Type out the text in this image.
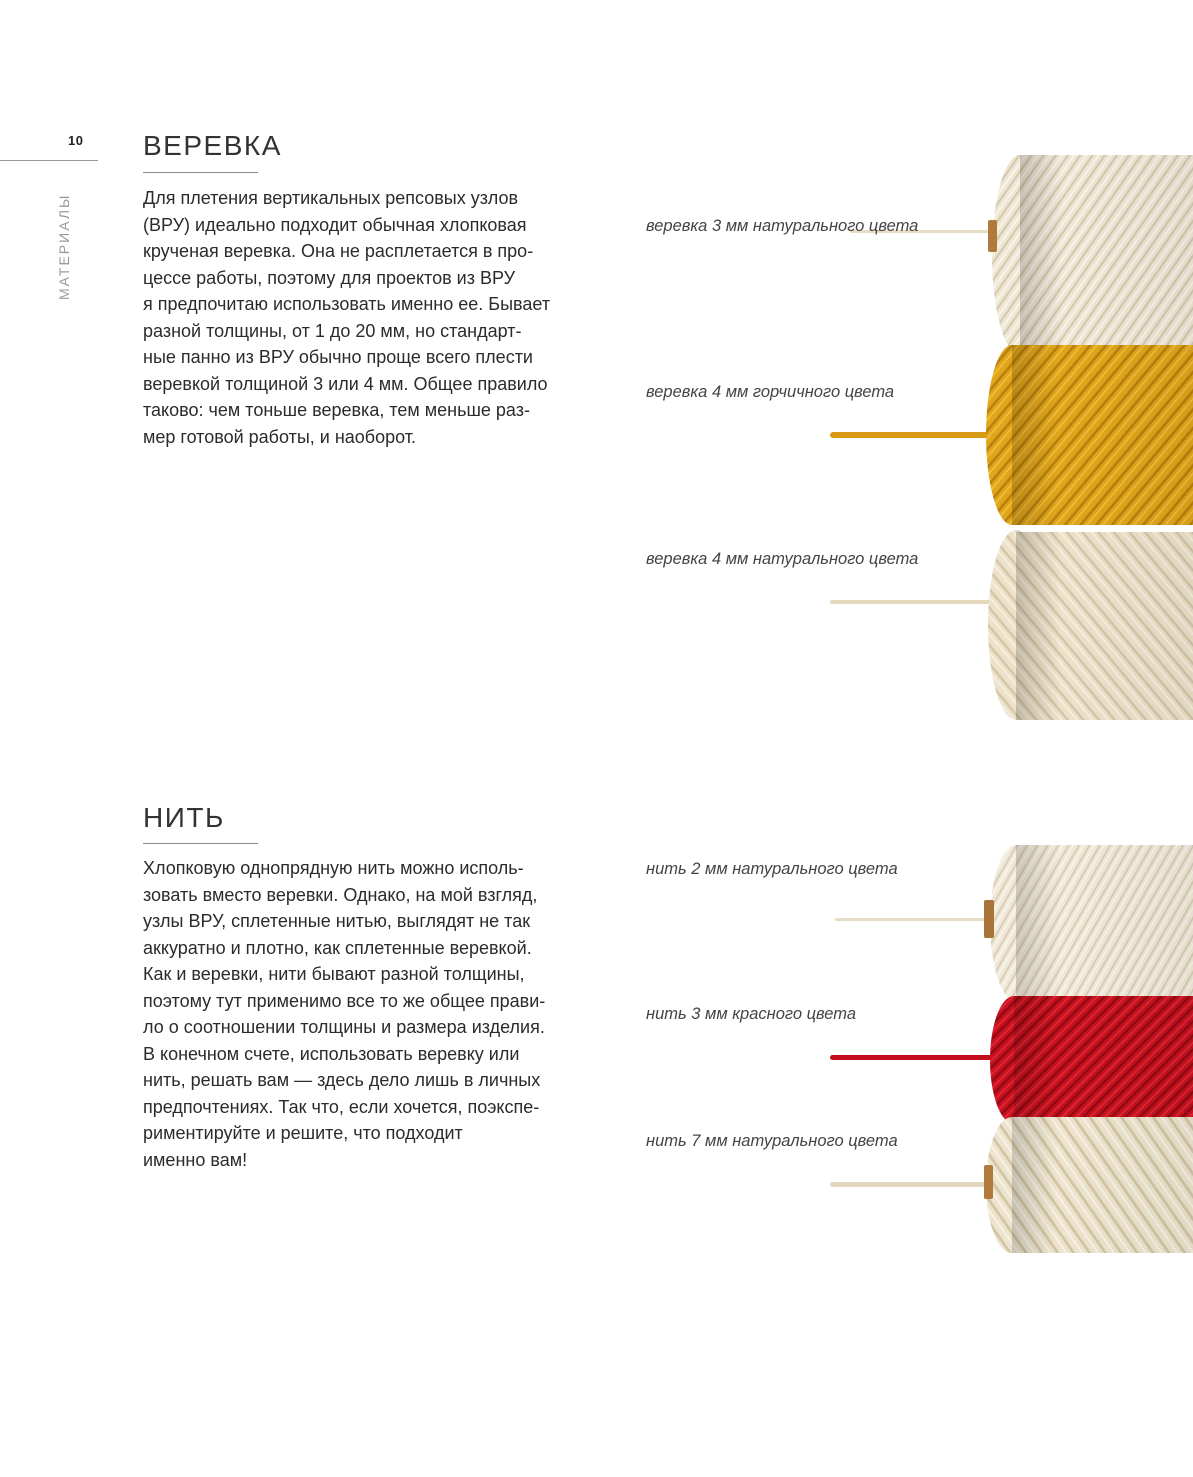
10
МАТЕРИАЛЫ
ВЕРЕВКА
Для плетения вертикальных репсовых узлов
(ВРУ) идеально подходит обычная хлопковая
крученая веревка. Она не расплетается в про-
цессе работы, поэтому для проектов из ВРУ
я предпочитаю использовать именно ее. Бывает
разной толщины, от 1 до 20 мм, но стандарт-
ные панно из ВРУ обычно проще всего плести
веревкой толщиной 3 или 4 мм. Общее правило
таково: чем тоньше веревка, тем меньше раз-
мер готовой работы, и наоборот.

веревка 3 мм натурального цвета

веревка 4 мм горчичного цвета

веревка 4 мм натурального цвета

НИТЬ
Хлопковую однопрядную нить можно исполь-
зовать вместо веревки. Однако, на мой взгляд,
узлы ВРУ, сплетенные нитью, выглядят не так
аккуратно и плотно, как сплетенные веревкой.
Как и веревки, нити бывают разной толщины,
поэтому тут применимо все то же общее прави-
ло о соотношении толщины и размера изделия.
В конечном счете, использовать веревку или
нить, решать вам — здесь дело лишь в личных
предпочтениях. Так что, если хочется, поэкспе-
риментируйте и решите, что подходит
именно вам!

нить 2 мм натурального цвета

нить 3 мм красного цвета

нить 7 мм натурального цвета
